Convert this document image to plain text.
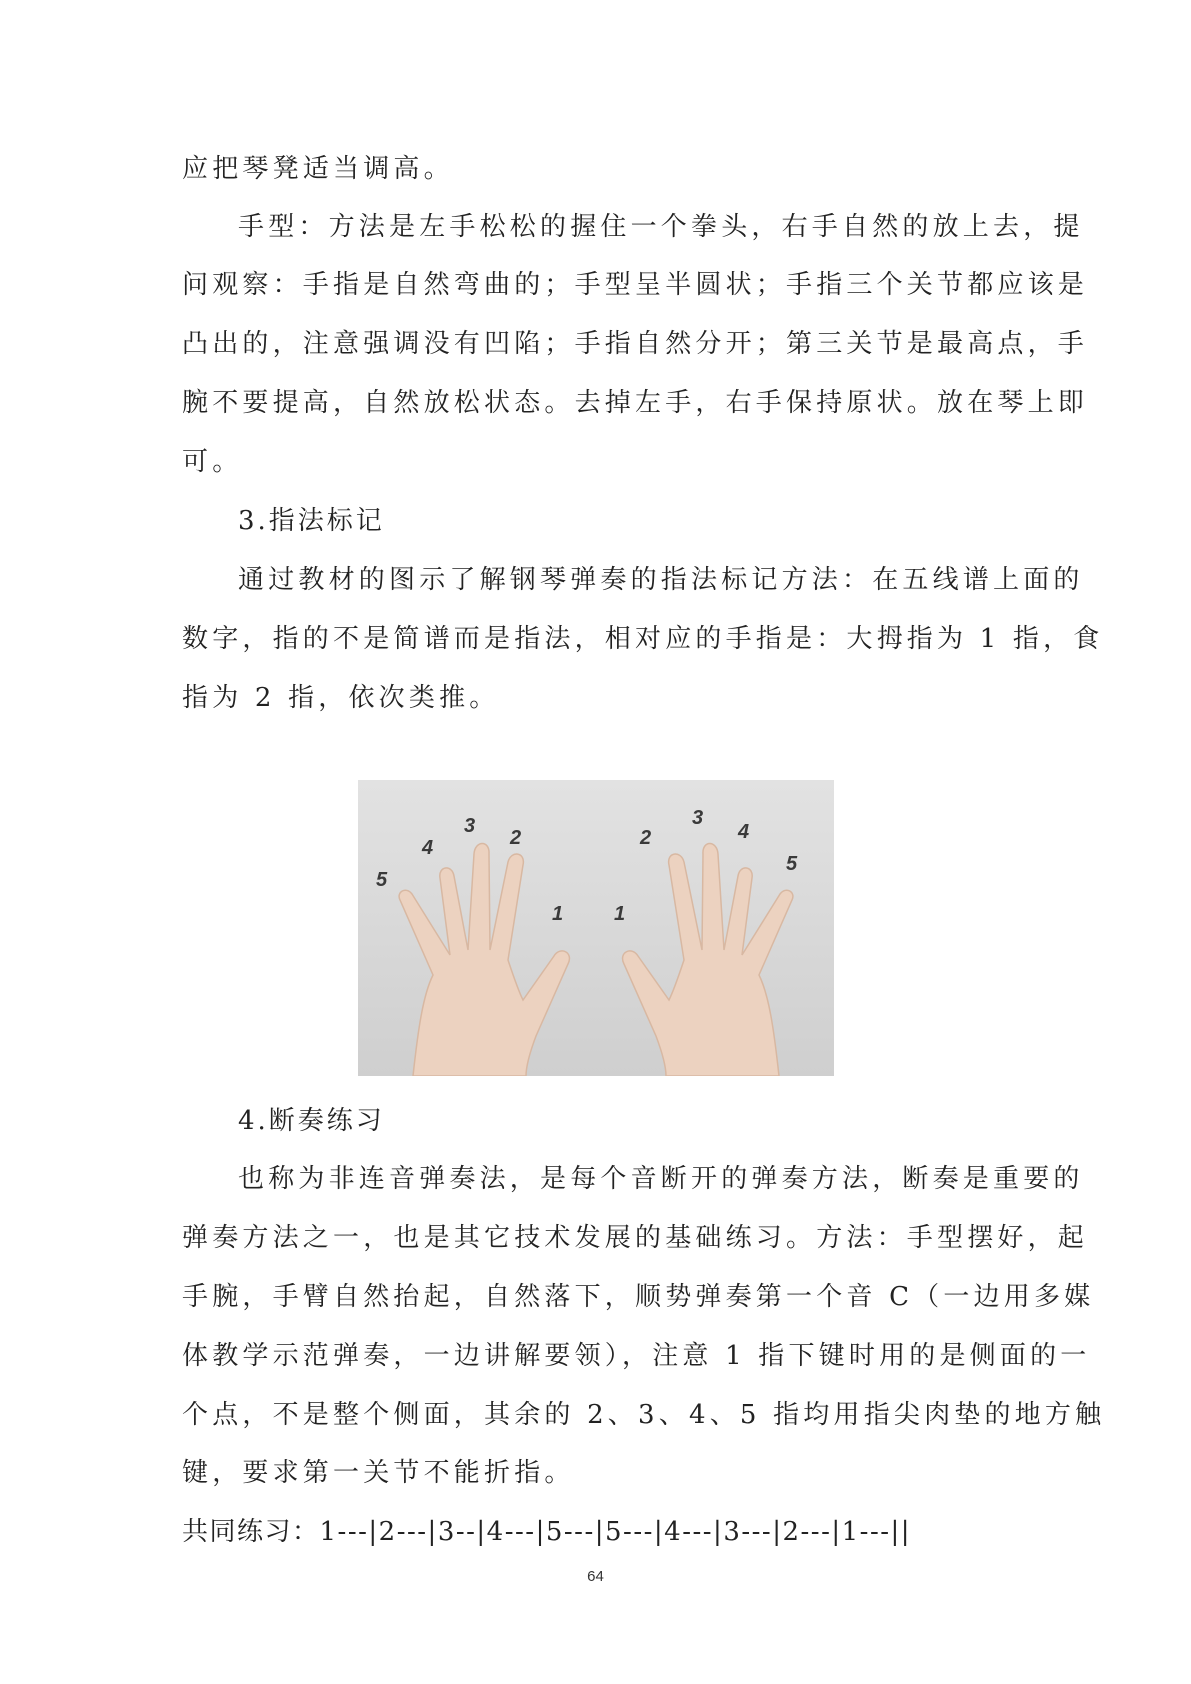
应把琴凳适当调高。
手型：方法是左手松松的握住一个拳头，右手自然的放上去，提
问观察：手指是自然弯曲的；手型呈半圆状；手指三个关节都应该是
凸出的，注意强调没有凹陷；手指自然分开；第三关节是最高点，手
腕不要提高，自然放松状态。去掉左手，右手保持原状。放在琴上即
可。
3.指法标记
通过教材的图示了解钢琴弹奏的指法标记方法：在五线谱上面的
数字，指的不是简谱而是指法，相对应的手指是：大拇指为 1 指，食
指为 2 指，依次类推。
5
4
3
2
1	1
2
3
4
5
4.断奏练习
也称为非连音弹奏法，是每个音断开的弹奏方法，断奏是重要的
弹奏方法之一，也是其它技术发展的基础练习。方法：手型摆好，起
手腕，手臂自然抬起，自然落下，顺势弹奏第一个音 C（一边用多媒
体教学示范弹奏，一边讲解要领），注意 1 指下键时用的是侧面的一
个点，不是整个侧面，其余的 2、3、4、5 指均用指尖肉垫的地方触
键，要求第一关节不能折指。
共同练习：1---|2---|3--|4---|5---|5---|4---|3---|2---|1---||
64
